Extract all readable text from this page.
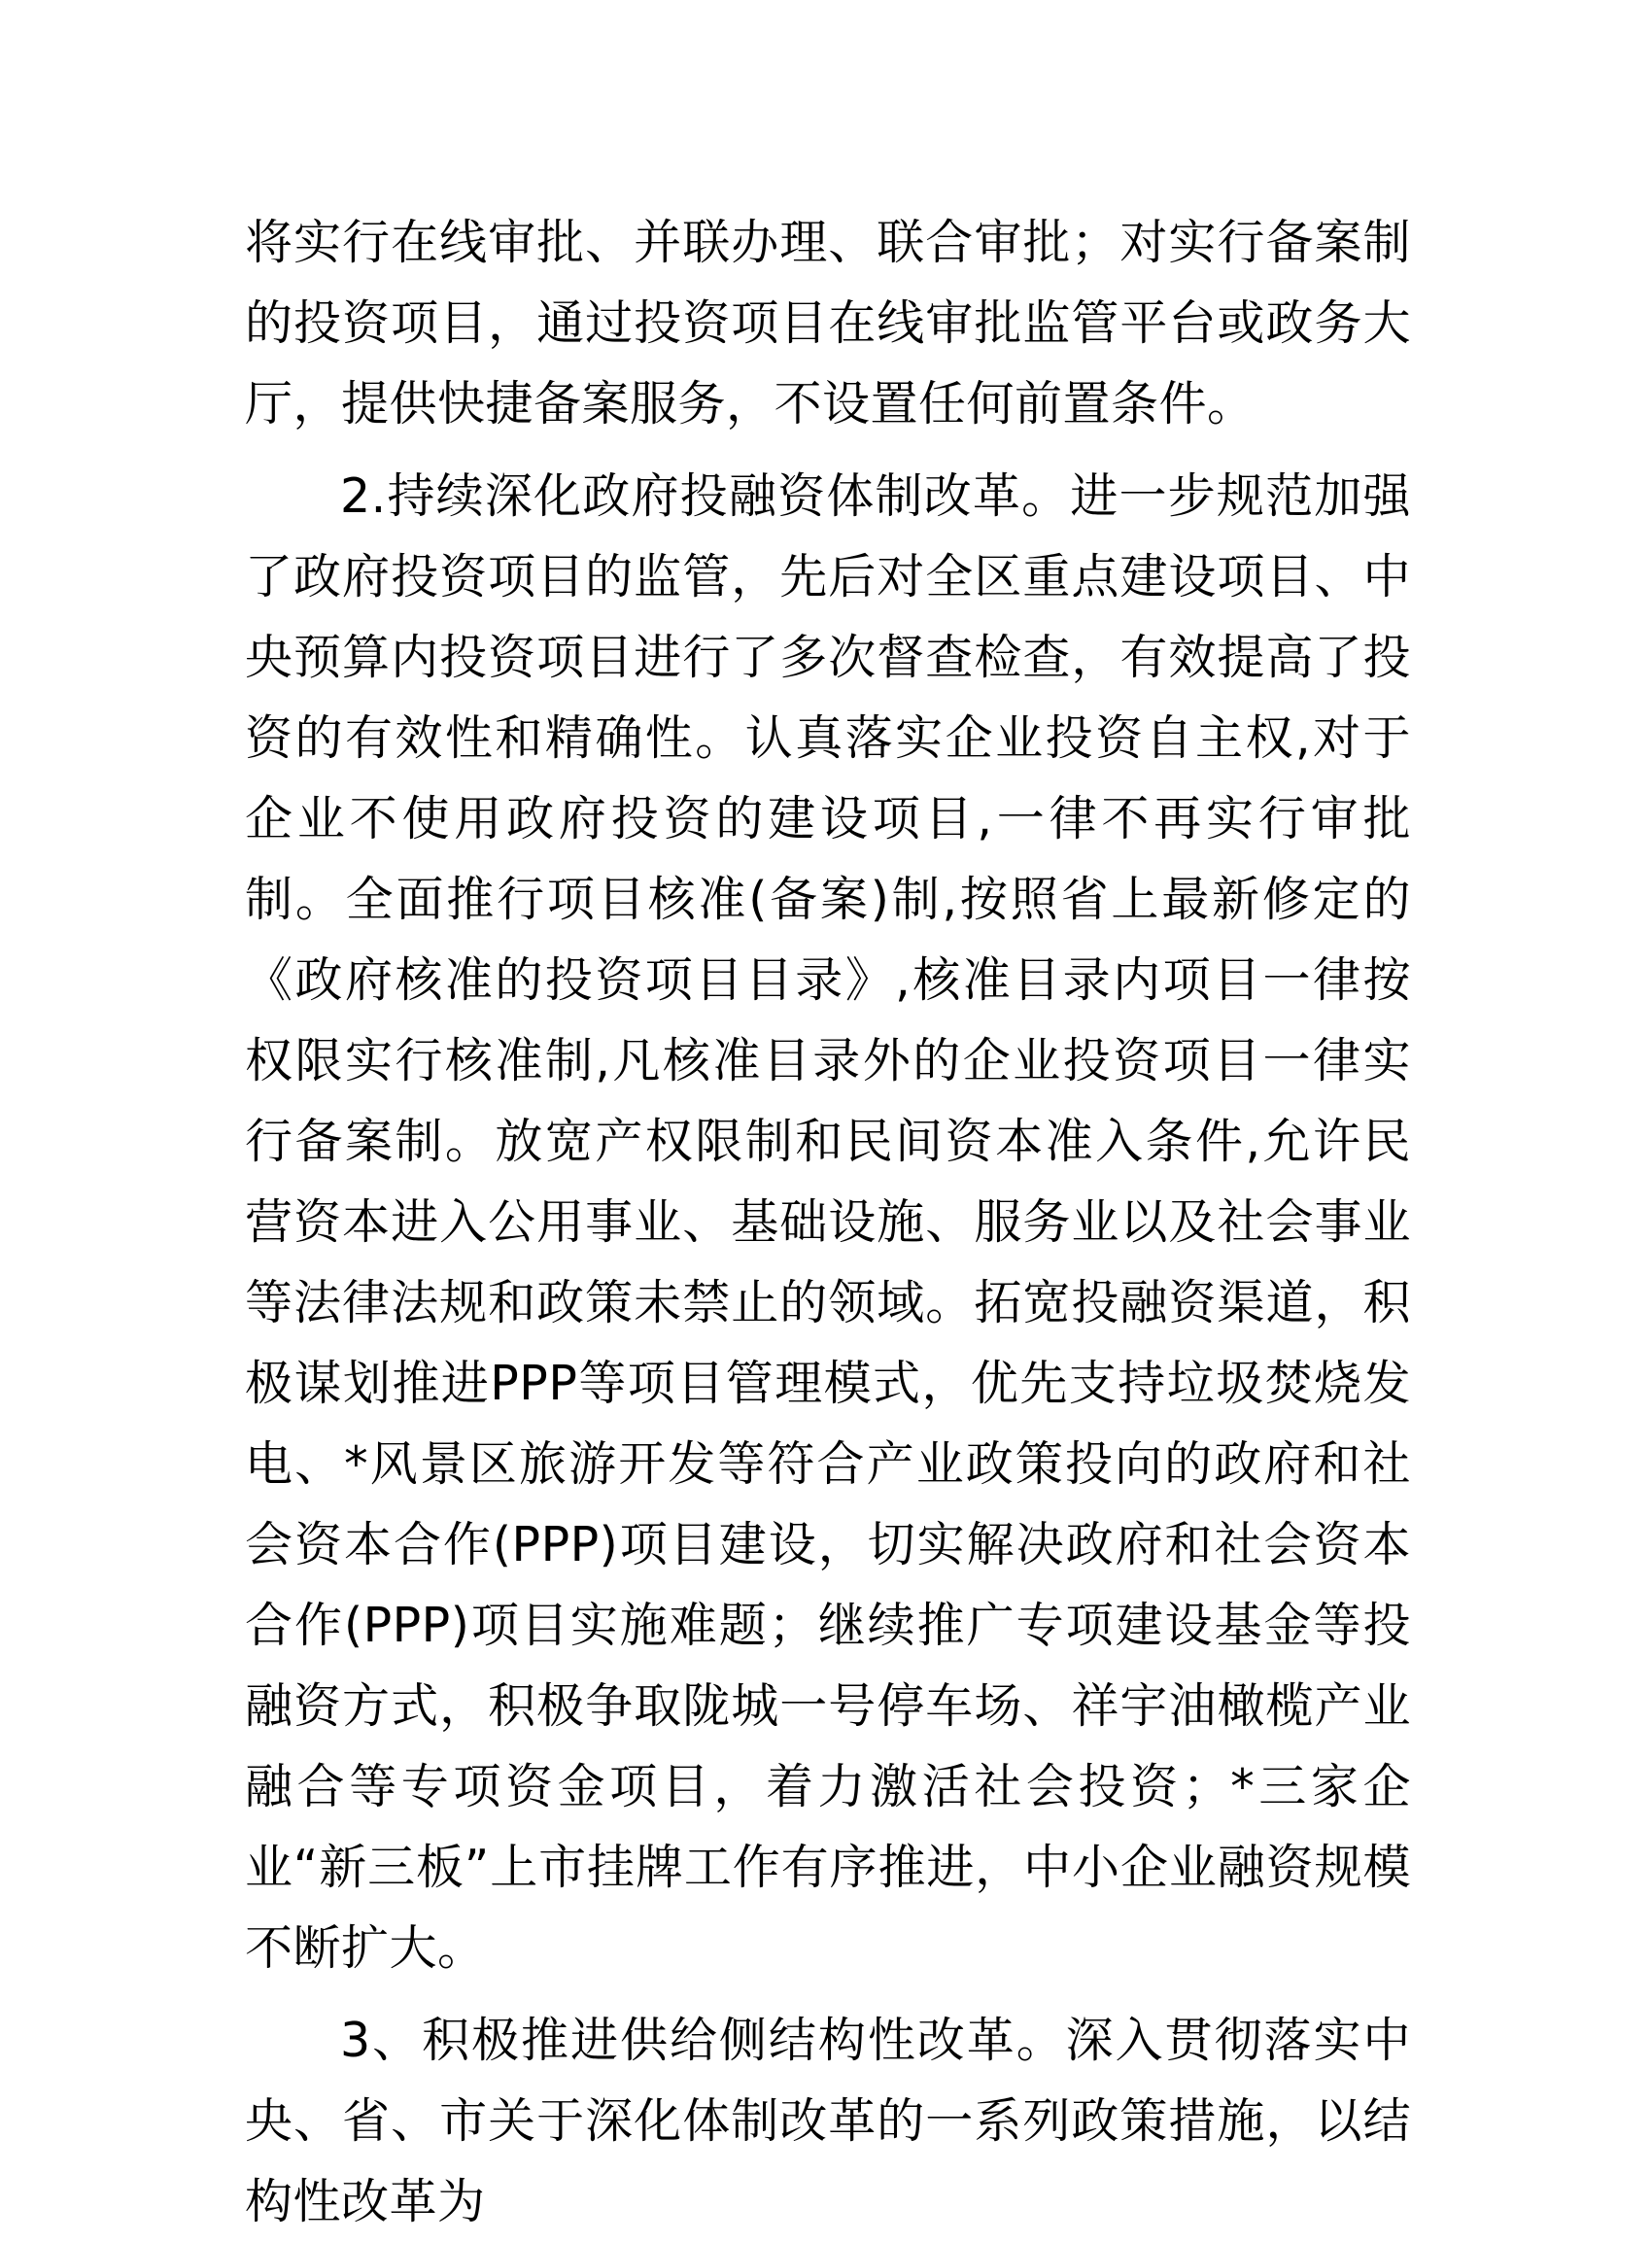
将实行在线审批、并联办理、联合审批；对实行备案制的投资项目，通过投资项目在线审批监管平台或政务大厅，提供快捷备案服务，不设置任何前置条件。

2.持续深化政府投融资体制改革。进一步规范加强了政府投资项目的监管，先后对全区重点建设项目、中央预算内投资项目进行了多次督查检查，有效提高了投资的有效性和精确性。认真落实企业投资自主权,对于企业不使用政府投资的建设项目,一律不再实行审批制。全面推行项目核准(备案)制,按照省上最新修定的《政府核准的投资项目目录》,核准目录内项目一律按权限实行核准制,凡核准目录外的企业投资项目一律实行备案制。放宽产权限制和民间资本准入条件,允许民营资本进入公用事业、基础设施、服务业以及社会事业等法律法规和政策未禁止的领域。拓宽投融资渠道，积极谋划推进PPP等项目管理模式，优先支持垃圾焚烧发电、*风景区旅游开发等符合产业政策投向的政府和社会资本合作(PPP)项目建设，切实解决政府和社会资本合作(PPP)项目实施难题；继续推广专项建设基金等投融资方式，积极争取陇城一号停车场、祥宇油橄榄产业融合等专项资金项目，着力激活社会投资；*三家企业“新三板”上市挂牌工作有序推进，中小企业融资规模不断扩大。

3、积极推进供给侧结构性改革。深入贯彻落实中央、省、市关于深化体制改革的一系列政策措施，以结构性改革为
